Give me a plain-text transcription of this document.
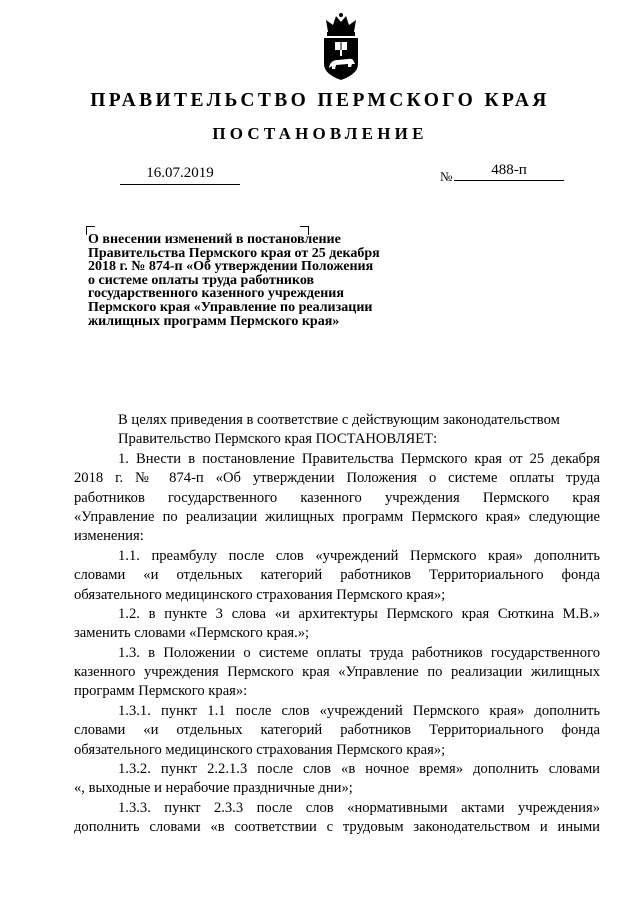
ПРАВИТЕЛЬСТВО ПЕРМСКОГО КРАЯ
ПОСТАНОВЛЕНИЕ
16.07.2019	№	488-п
О внесении изменений в постановление
Правительства Пермского края от 25 декабря
2018 г. № 874-п «Об утверждении Положения
о системе оплаты труда работников
государственного казенного учреждения
Пермского края «Управление по реализации
жилищных программ Пермского края»
В целях приведения в соответствие с действующим законодательством
Правительство Пермского края ПОСТАНОВЛЯЕТ:
1. Внести в постановление Правительства Пермского края от 25 декабря
2018 г. № 874-п «Об утверждении Положения о системе оплаты труда
работников государственного казенного учреждения Пермского края
«Управление по реализации жилищных программ Пермского края» следующие
изменения:
1.1. преамбулу после слов «учреждений Пермского края» дополнить
словами «и отдельных категорий работников Территориального фонда
обязательного медицинского страхования Пермского края»;
1.2. в пункте 3 слова «и архитектуры Пермского края Сюткина М.В.»
заменить словами «Пермского края.»;
1.3. в Положении о системе оплаты труда работников государственного
казенного учреждения Пермского края «Управление по реализации жилищных
программ Пермского края»:
1.3.1. пункт 1.1 после слов «учреждений Пермского края» дополнить
словами «и отдельных категорий работников Территориального фонда
обязательного медицинского страхования Пермского края»;
1.3.2. пункт 2.2.1.3 после слов «в ночное время» дополнить словами
«, выходные и нерабочие праздничные дни»;
1.3.3. пункт 2.3.3 после слов «нормативными актами учреждения»
дополнить словами «в соответствии с трудовым законодательством и иными
